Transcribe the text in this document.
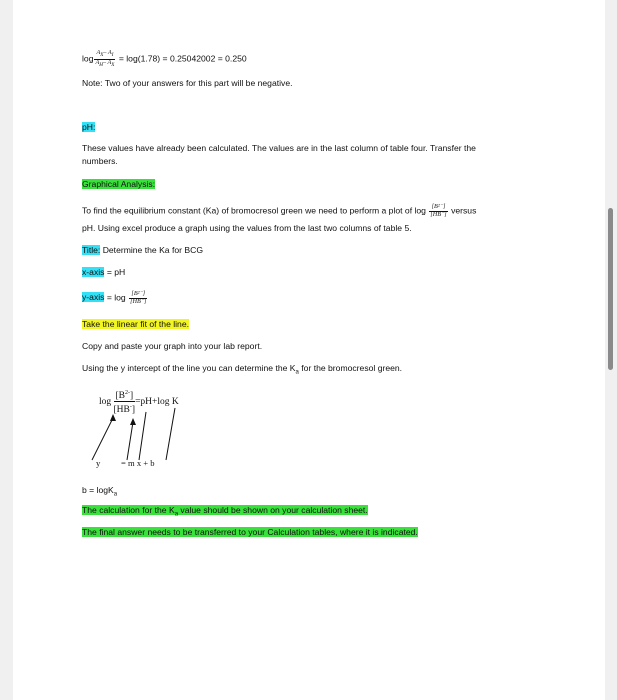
$\log \frac{A_X- A_I}{A_H- A_X} = \log(1.78) = 0.25042002 = 0.250$
Note: Two of your answers for this part will be negative.
pH:
These values have already been calculated. The values are in the last column of table four. Transfer the
numbers.
Graphical Analysis:
To find the equilibrium constant (Ka) of bromocresol green we need to perform a plot of $\log \frac{\text{[B²⁻]}}{[HB^-]}$ versus
pH. Using excel produce a graph using the values from the last two columns of table 5.
Title: Determine the Ka for BCG
x-axis = pH
y-axis = $\log \frac{\text{[B²⁻]}}{[HB^-]}$
Take the linear fit of the line.
Copy and paste your graph into your lab report.
Using the y intercept of the line you can determine the $K_a$ for the bromocresol green.
$\log \frac{[B^{2-}]}{[HB^-]} =pH+\log$ K
y = m x + b
b = logK$_a$
The calculation for the $K_a$ value should be shown on your calculation sheet.
The final answer needs to be transferred to your Calculation tables, where it is indicated.
